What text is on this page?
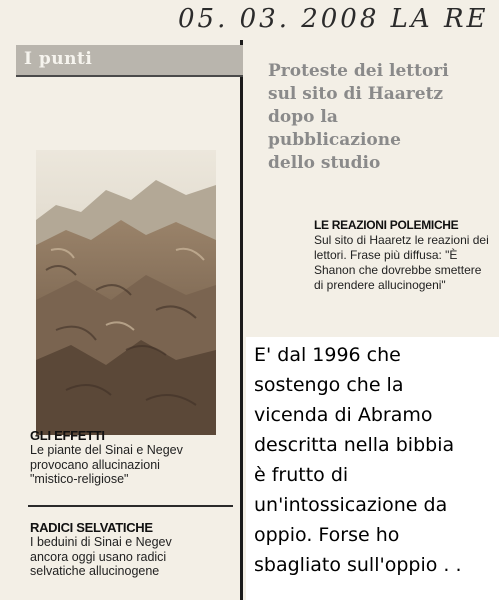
05. 03. 2008 LA RE
I punti
GLI EFFETTI
Le piante del Sinai e Negev
provocano allucinazioni
"mistico-religiose"
RADICI SELVATICHE
I beduini di Sinai e Negev
ancora oggi usano radici
selvatiche allucinogene
Proteste dei lettori
sul sito di Haaretz
dopo la
pubblicazione
dello studio
LE REAZIONI POLEMICHE
Sul sito di Haaretz le reazioni dei lettori. Frase più diffusa: "È Shanon che dovrebbe smettere di prendere allucinogeni"
E' dal 1996 che
sostengo che la
vicenda di Abramo
descritta nella bibbia
è frutto di
un'intossicazione da
oppio. Forse ho
sbagliato sull'oppio . .
